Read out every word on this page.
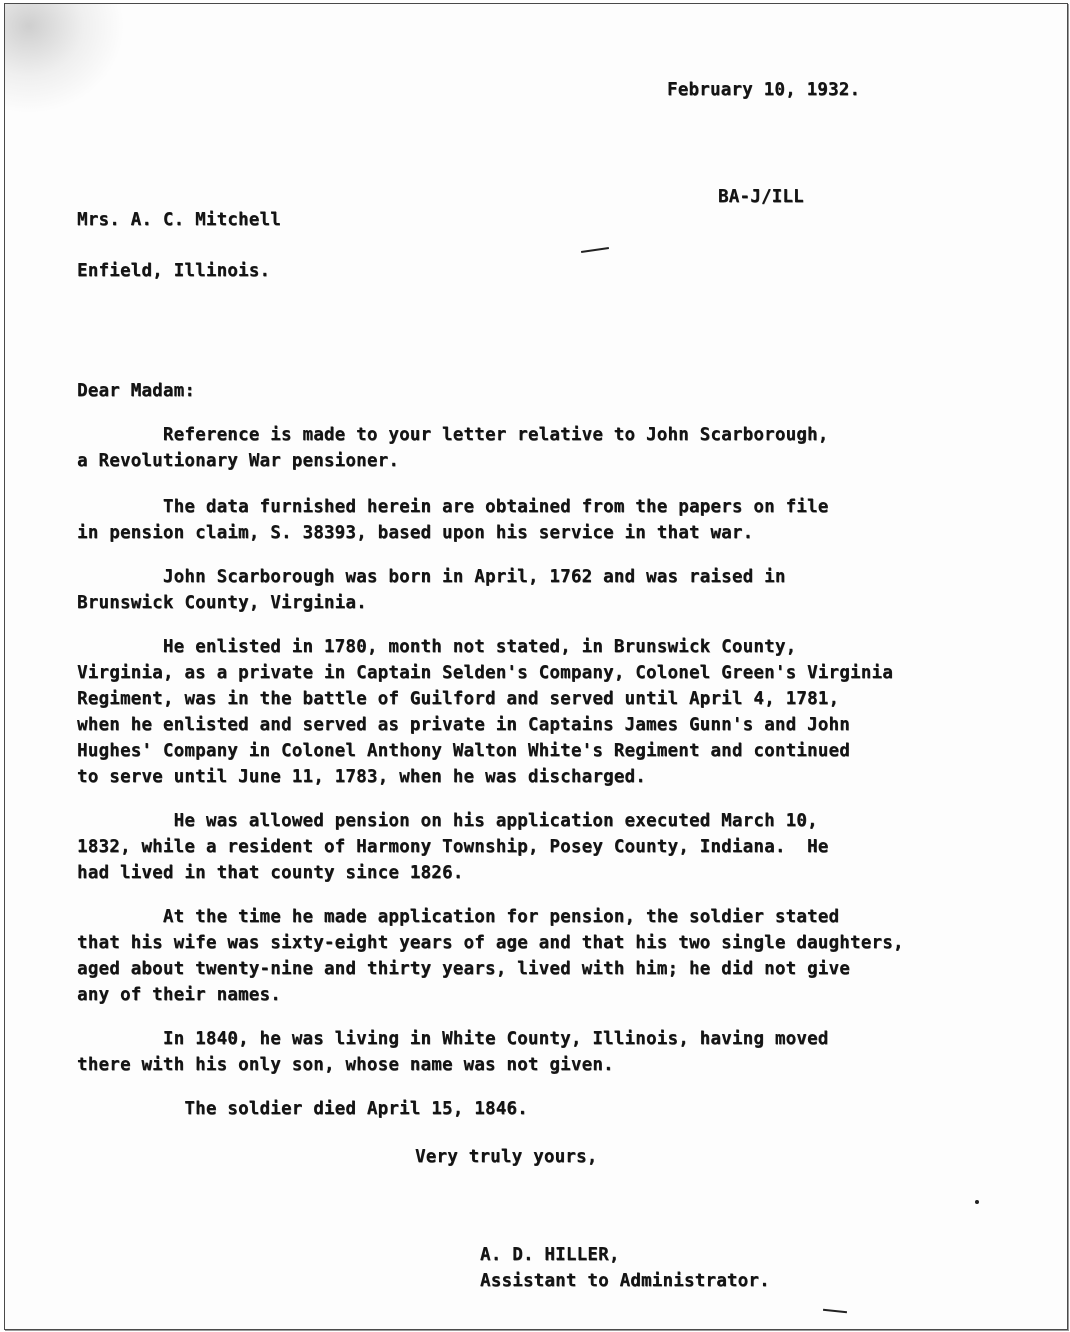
February 10, 1932.
BA-J/ILL
Mrs. A. C. Mitchell
Enfield, Illinois.
Dear Madam:
Reference is made to your letter relative to John Scarborough,
a Revolutionary War pensioner.
The data furnished herein are obtained from the papers on file
in pension claim, S. 38393, based upon his service in that war.
John Scarborough was born in April, 1762 and was raised in
Brunswick County, Virginia.
He enlisted in 1780, month not stated, in Brunswick County,
Virginia, as a private in Captain Selden's Company, Colonel Green's Virginia
Regiment, was in the battle of Guilford and served until April 4, 1781,
when he enlisted and served as private in Captains James Gunn's and John
Hughes' Company in Colonel Anthony Walton White's Regiment and continued
to serve until June 11, 1783, when he was discharged.
He was allowed pension on his application executed March 10,
1832, while a resident of Harmony Township, Posey County, Indiana.  He
had lived in that county since 1826.
At the time he made application for pension, the soldier stated
that his wife was sixty-eight years of age and that his two single daughters,
aged about twenty-nine and thirty years, lived with him; he did not give
any of their names.
In 1840, he was living in White County, Illinois, having moved
there with his only son, whose name was not given.
The soldier died April 15, 1846.
Very truly yours,
A. D. HILLER,
Assistant to Administrator.
